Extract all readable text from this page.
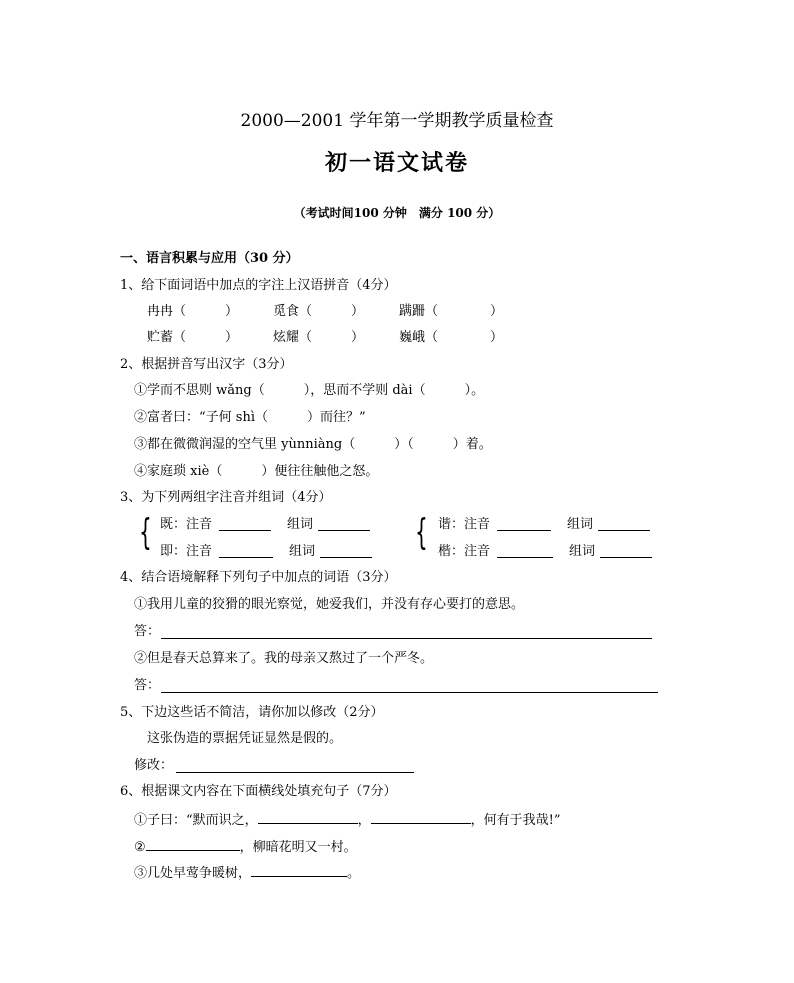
2000—2001 学年第一学期教学质量检查
初一语文试卷
（考试时间100 分钟　满分 100 分）
一、语言积累与应用（30 分）
1、给下面词语中加点的字注上汉语拼音（4分）
冉冉（　　　）	觅食（　　　）	蹒跚（　　　　）
贮蓄（　　　）	炫耀（　　　）	巍峨（　　　　）
2、根据拼音写出汉字（3分）
①学而不思则 wǎng（　　　），思而不学则 dài（　　　）。
②富者曰：“子何 shì（　　　）而往？”
③都在微微润湿的空气里 yùnniàng（　　　）（　　　）着。
④家庭琐 xiè（　　　）便往往触他之怒。
3、为下列两组字注音并组词（4分）
{	{
既：注音	组词
即：注音	组词
谐：注音	组词
楷：注音	组词
4、结合语境解释下列句子中加点的词语（3分）
①我用儿童的狡猾的眼光察觉，她爱我们，并没有存心要打的意思。
答：
②但是春天总算来了。我的母亲又熬过了一个严冬。
答：
5、下边这些话不简洁，请你加以修改（2分）
这张伪造的票据凭证显然是假的。
修改：
6、根据课文内容在下面横线处填充句子（7分）
①子曰：“默而识之，	，	，何有于我哉!”
②	，柳暗花明又一村。
③几处早莺争暖树，	。
